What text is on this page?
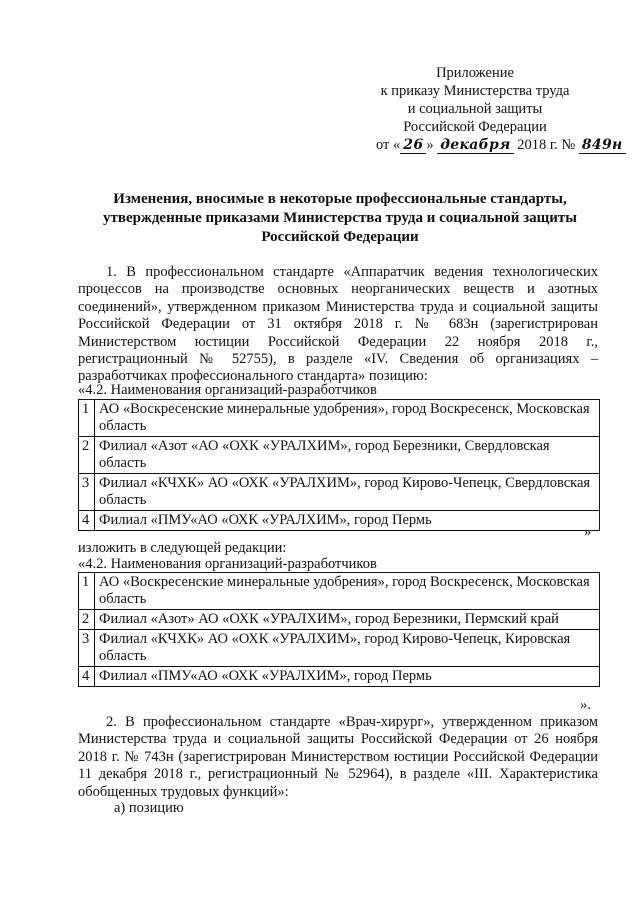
Приложение
к приказу Министерства труда
и социальной защиты
Российской Федерации
от « 26 » декабря 2018 г. № 849н
Изменения, вносимые в некоторые профессиональные стандарты,
утвержденные приказами Министерства труда и социальной защиты
Российской Федерации
1. В профессиональном стандарте «Аппаратчик ведения технологических процессов на производстве основных неорганических веществ и азотных соединений», утвержденном приказом Министерства труда и социальной защиты Российской Федерации от 31 октября 2018 г. № 683н (зарегистрирован Министерством юстиции Российской Федерации 22 ноября 2018 г., регистрационный № 52755), в разделе «IV. Сведения об организациях – разработчиках профессионального стандарта» позицию:
«4.2. Наименования организаций-разработчиков
1	АО «Воскресенские минеральные удобрения», город Воскресенск, Московская область
2	Филиал «Азот «АО «ОХК «УРАЛХИМ», город Березники, Свердловская область
3	Филиал «КЧХК» АО «ОХК «УРАЛХИМ», город Кирово-Чепецк, Свердловская область
4	Филиал «ПМУ«АО «ОХК «УРАЛХИМ», город Пермь
»
изложить в следующей редакции:
«4.2. Наименования организаций-разработчиков
1	АО «Воскресенские минеральные удобрения», город Воскресенск, Московская область
2	Филиал «Азот» АО «ОХК «УРАЛХИМ», город Березники, Пермский край
3	Филиал «КЧХК» АО «ОХК «УРАЛХИМ», город Кирово-Чепецк, Кировская область
4	Филиал «ПМУ«АО «ОХК «УРАЛХИМ», город Пермь
».
2. В профессиональном стандарте «Врач-хирург», утвержденном приказом Министерства труда и социальной защиты Российской Федерации от 26 ноября 2018 г. № 743н (зарегистрирован Министерством юстиции Российской Федерации 11 декабря 2018 г., регистрационный № 52964), в разделе «III. Характеристика обобщенных трудовых функций»:
а) позицию
